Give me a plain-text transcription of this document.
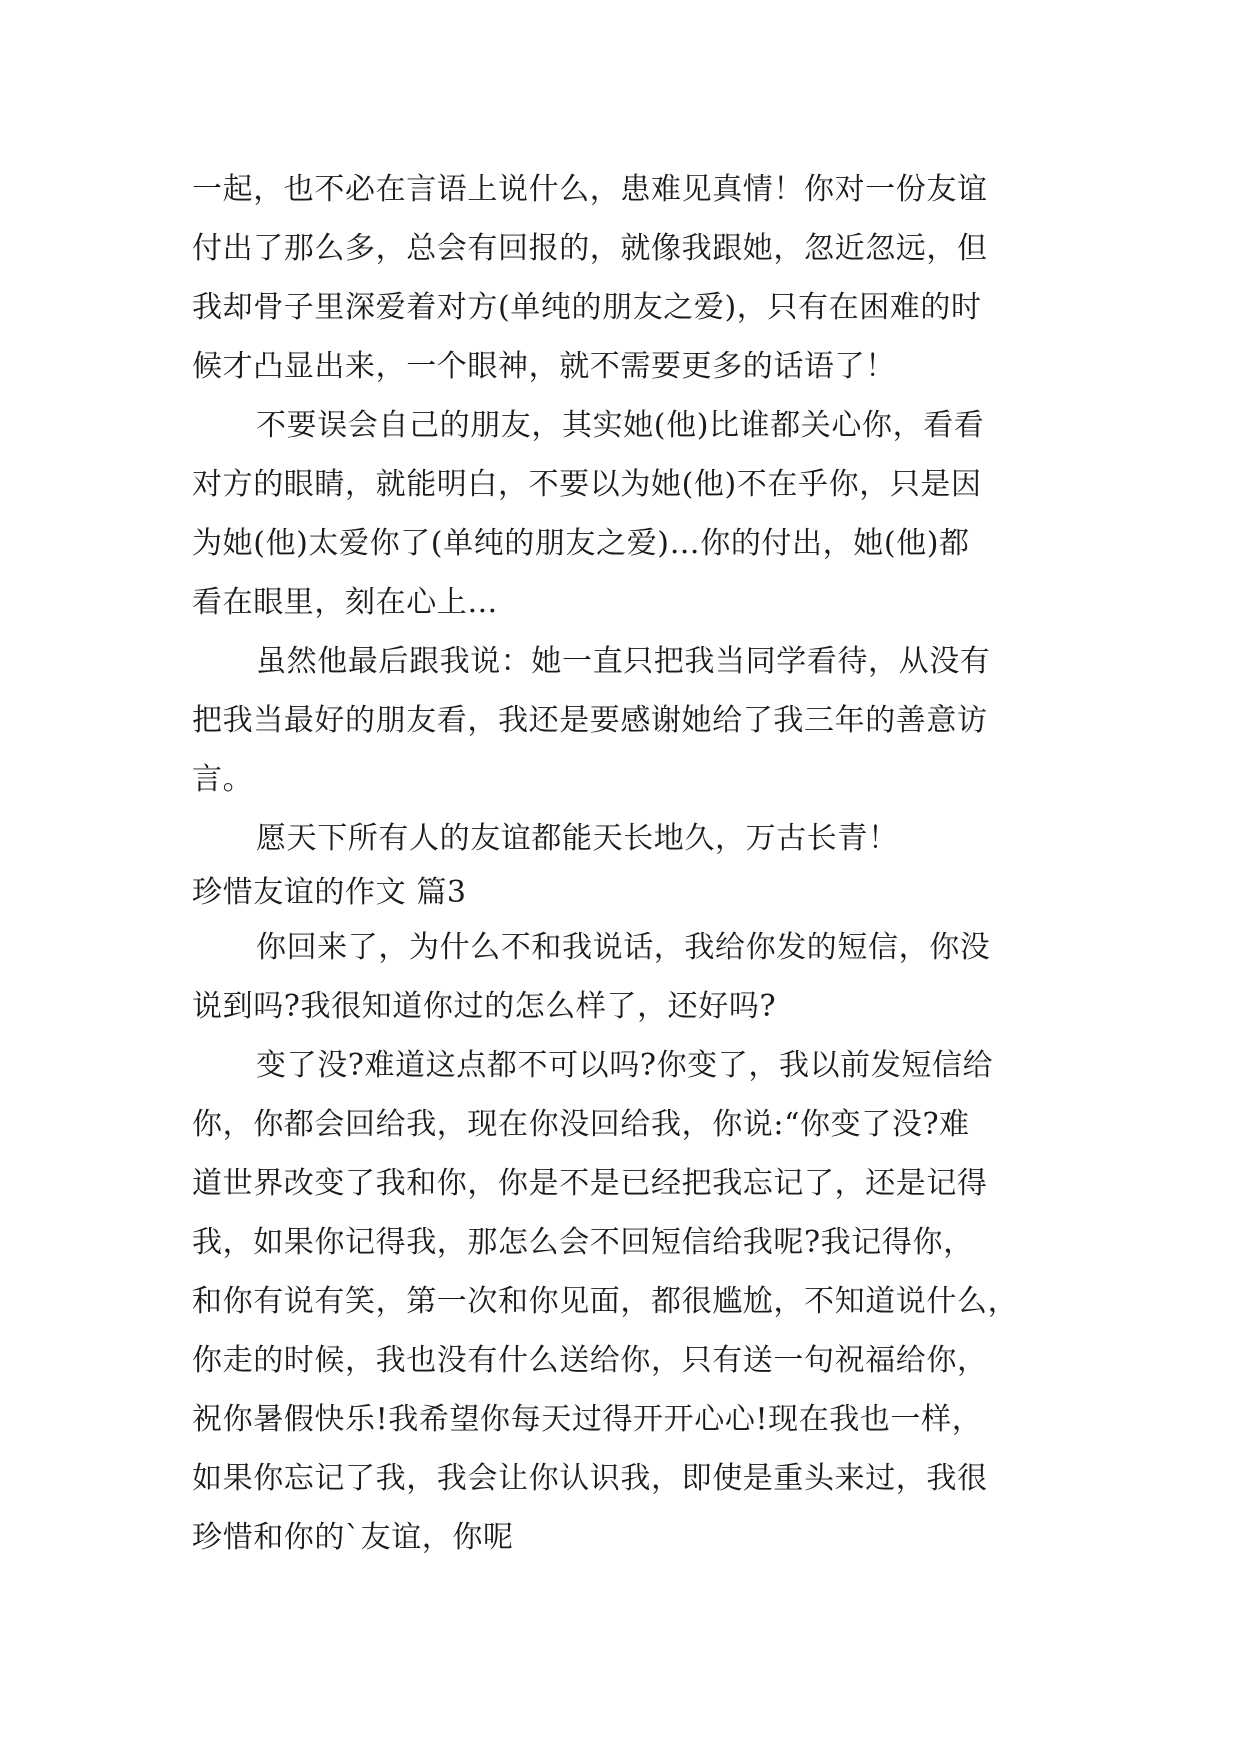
一起，也不必在言语上说什么，患难见真情！你对一份友谊
付出了那么多，总会有回报的，就像我跟她，忽近忽远，但
我却骨子里深爱着对方(单纯的朋友之爱)，只有在困难的时
候才凸显出来，一个眼神，就不需要更多的话语了！
不要误会自己的朋友，其实她(他)比谁都关心你，看看
对方的眼睛，就能明白，不要以为她(他)不在乎你，只是因
为她(他)太爱你了(单纯的朋友之爱)…你的付出，她(他)都
看在眼里，刻在心上…
虽然他最后跟我说：她一直只把我当同学看待，从没有
把我当最好的朋友看，我还是要感谢她给了我三年的善意访
言。
愿天下所有人的友谊都能天长地久，万古长青！
珍惜友谊的作文 篇3
你回来了，为什么不和我说话，我给你发的短信，你没
说到吗?我很知道你过的怎么样了，还好吗?
变了没?难道这点都不可以吗?你变了，我以前发短信给
你，你都会回给我，现在你没回给我，你说:“你变了没?难
道世界改变了我和你，你是不是已经把我忘记了，还是记得
我，如果你记得我，那怎么会不回短信给我呢?我记得你，
和你有说有笑，第一次和你见面，都很尴尬，不知道说什么，
你走的时候，我也没有什么送给你，只有送一句祝福给你，
祝你暑假快乐!我希望你每天过得开开心心!现在我也一样，
如果你忘记了我，我会让你认识我，即使是重头来过，我很
珍惜和你的`友谊，你呢
